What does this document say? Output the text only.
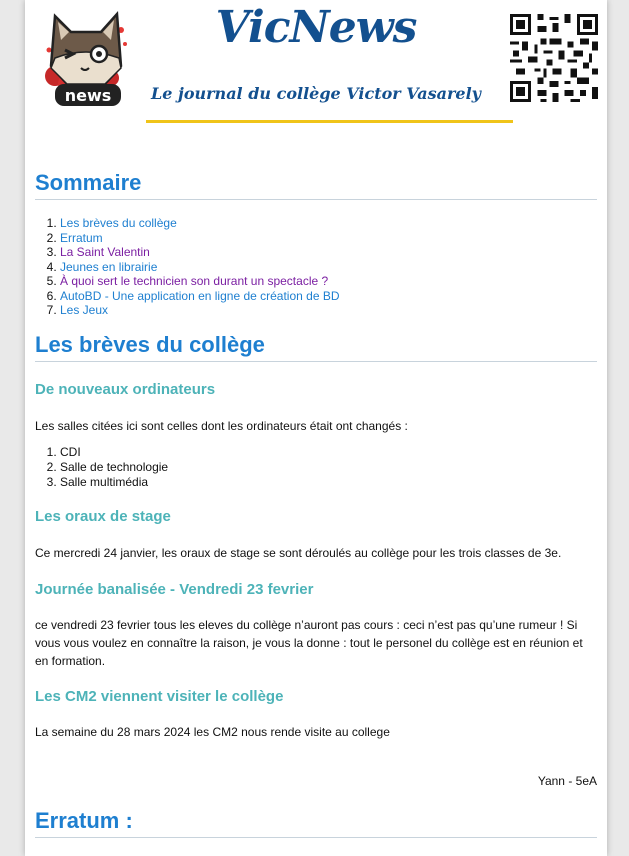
news
VicNews
Le journal du collège Victor Vasarely
Sommaire
1. Les brèves du collège
2. Erratum
3. La Saint Valentin
4. Jeunes en librairie
5. À quoi sert le technicien son durant un spectacle ?
6. AutoBD - Une application en ligne de création de BD
7. Les Jeux
Les brèves du collège
De nouveaux ordinateurs

Les salles citées ici sont celles dont les ordinateurs était ont changés :

1. CDI
2. Salle de technologie
3. Salle multimédia
Les oraux de stage

Ce mercredi 24 janvier, les oraux de stage se sont déroulés au collège pour les trois classes de 3e.

Journée banalisée - Vendredi 23 fevrier

ce vendredi 23 fevrier tous les eleves du collège n’auront pas cours : ceci n’est pas qu’une rumeur ! Si vous vous voulez en connaître la raison, je vous la donne : tout le personel du collège est en réunion et en formation.

Les CM2 viennent visiter le collège

La semaine du 28 mars 2024 les CM2 nous rende visite au college

Yann - 5eA
Erratum :
